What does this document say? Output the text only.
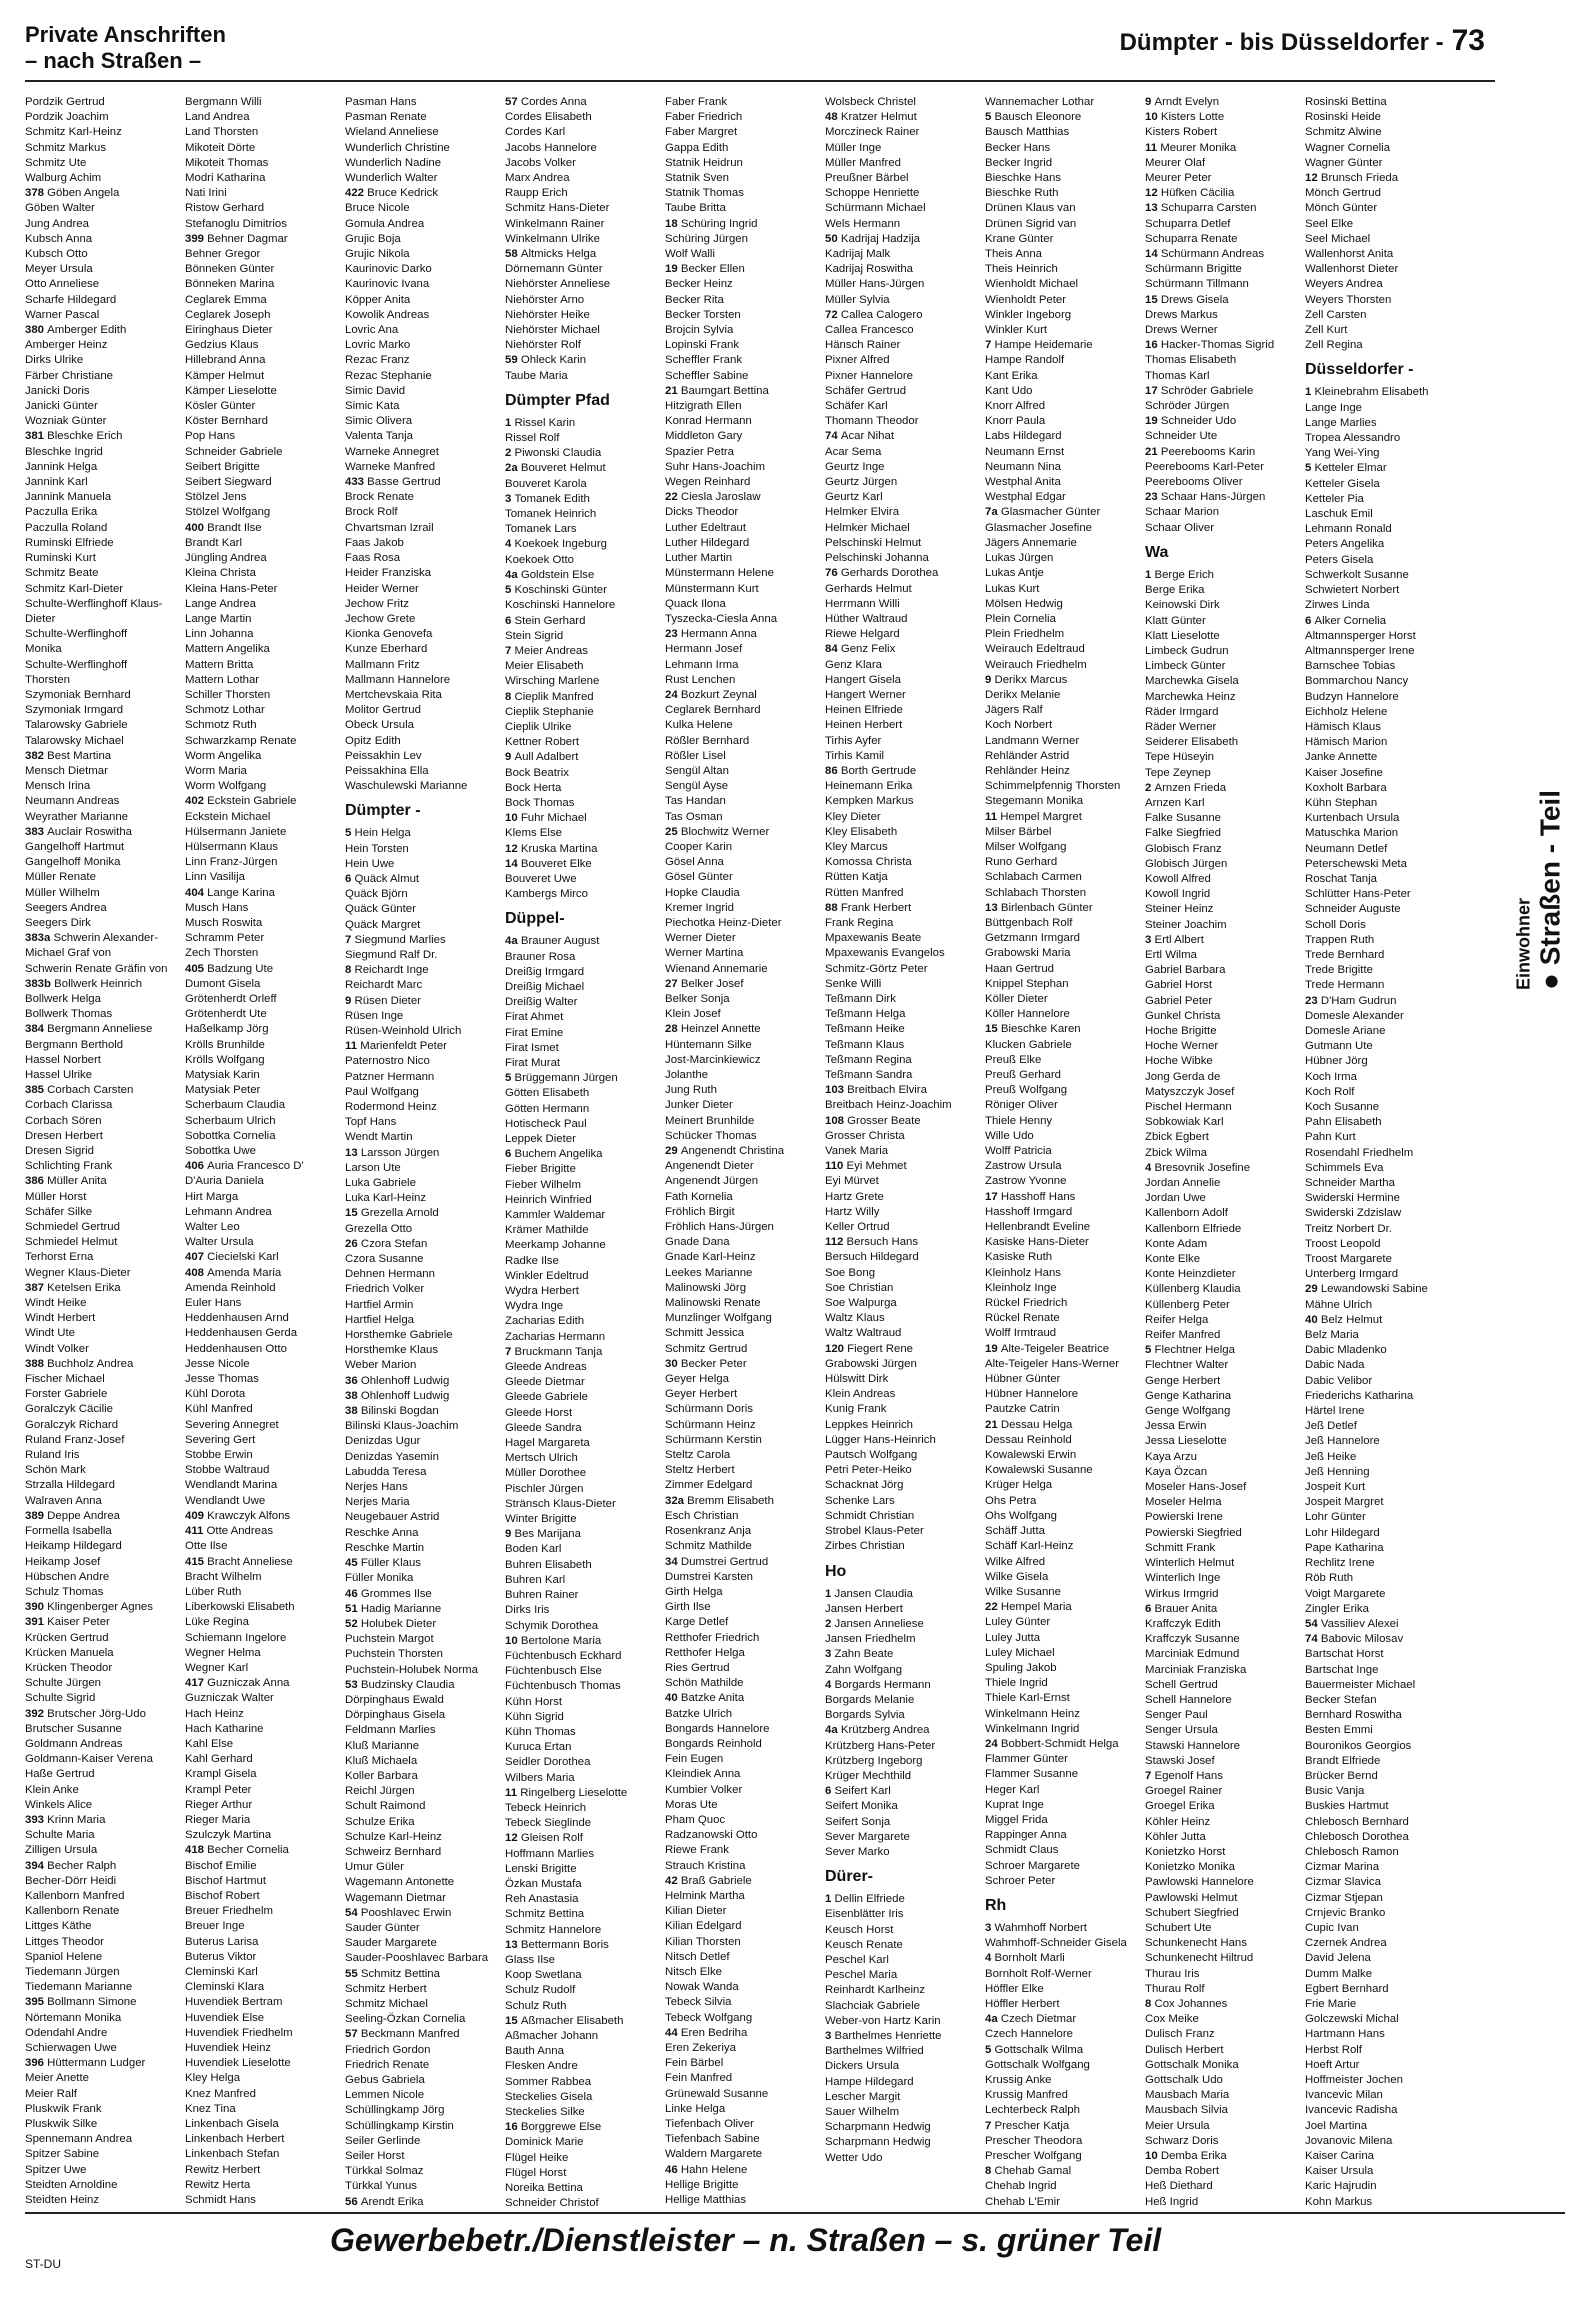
Private Anschriften
– nach Straßen –
Dümpter - bis Düsseldorfer - 73
Pordzik Gertrud
Pordzik Joachim
Schmitz Karl-Heinz
Schmitz Markus
Schmitz Ute
Walburg Achim
378 Göben Angela
Göben Walter
Jung Andrea
Kubsch Anna
Kubsch Otto
Meyer Ursula
Otto Anneliese
Scharfe Hildegard
Warner Pascal
380 Amberger Edith
Amberger Heinz
Dirks Ulrike
Färber Christiane
Janicki Doris
Janicki Günter
Wozniak Günter
381 Bleschke Erich
Bleschke Ingrid
Jannink Helga
Jannink Karl
Jannink Manuela
Paczulla Erika
Paczulla Roland
Ruminski Elfriede
Ruminski Kurt
Schmitz Beate
Schmitz Karl-Dieter
Schulte-Werflinghoff Klaus-
Dieter
Schulte-Werflinghoff
Monika
Schulte-Werflinghoff
Thorsten
Szymoniak Bernhard
Szymoniak Irmgard
Talarowsky Gabriele
Talarowsky Michael
382 Best Martina
Mensch Dietmar
Mensch Irina
Neumann Andreas
Weyrather Marianne
383 Auclair Roswitha
Gangelhoff Hartmut
Gangelhoff Monika
Müller Renate
Müller Wilhelm
Seegers Andrea
Seegers Dirk
383a Schwerin Alexander-
Michael Graf von
Schwerin Renate Gräfin von
383b Bollwerk Heinrich
Bollwerk Helga
Bollwerk Thomas
384 Bergmann Anneliese
Bergmann Berthold
Hassel Norbert
Hassel Ulrike
385 Corbach Carsten
Corbach Clarissa
Corbach Sören
Dresen Herbert
Dresen Sigrid
Schlichting Frank
386 Müller Anita
Müller Horst
Schäfer Silke
Schmiedel Gertrud
Schmiedel Helmut
Terhorst Erna
Wegner Klaus-Dieter
387 Ketelsen Erika
Windt Heike
Windt Herbert
Windt Ute
Windt Volker
388 Buchholz Andrea
Fischer Michael
Forster Gabriele
Goralczyk Cäcilie
Goralczyk Richard
Ruland Franz-Josef
Ruland Iris
Schön Mark
Strzalla Hildegard
Walraven Anna
389 Deppe Andrea
Formella Isabella
Heikamp Hildegard
Heikamp Josef
Hübschen Andre
Schulz Thomas
390 Klingenberger Agnes
391 Kaiser Peter
Krücken Gertrud
Krücken Manuela
Krücken Theodor
Schulte Jürgen
Schulte Sigrid
392 Brutscher Jörg-Udo
Brutscher Susanne
Goldmann Andreas
Goldmann-Kaiser Verena
Haße Gertrud
Klein Anke
Winkels Alice
393 Krinn Maria
Schulte Maria
Zilligen Ursula
394 Becher Ralph
Becher-Dörr Heidi
Kallenborn Manfred
Kallenborn Renate
Littges Käthe
Littges Theodor
Spaniol Helene
Tiedemann Jürgen
Tiedemann Marianne
395 Bollmann Simone
Nörtemann Monika
Odendahl Andre
Schierwagen Uwe
396 Hüttermann Ludger
Meier Anette
Meier Ralf
Pluskwik Frank
Pluskwik Silke
Spennemann Andrea
Spitzer Sabine
Spitzer Uwe
Steidten Arnoldine
Steidten Heinz
Bergmann Willi
Land Andrea
Land Thorsten
Mikoteit Dörte
Mikoteit Thomas
Modri Katharina
Nati Irini
Ristow Gerhard
Stefanoglu Dimitrios
399 Behner Dagmar
Behner Gregor
Bönneken Günter
Bönneken Marina
Ceglarek Emma
Ceglarek Joseph
Eiringhaus Dieter
Gedzius Klaus
Hillebrand Anna
Kämper Helmut
Kämper Lieselotte
Kösler Günter
Köster Bernhard
Pop Hans
Schneider Gabriele
Seibert Brigitte
Seibert Siegward
Stölzel Jens
Stölzel Wolfgang
400 Brandt Ilse
Brandt Karl
Jüngling Andrea
Kleina Christa
Kleina Hans-Peter
Lange Andrea
Lange Martin
Linn Johanna
Mattern Angelika
Mattern Britta
Mattern Lothar
Schiller Thorsten
Schmotz Lothar
Schmotz Ruth
Schwarzkamp Renate
Worm Angelika
Worm Maria
Worm Wolfgang
402 Eckstein Gabriele
Eckstein Michael
Hülsermann Janiete
Hülsermann Klaus
Linn Franz-Jürgen
Linn Vasilija
404 Lange Karina
Musch Hans
Musch Roswita
Schramm Peter
Zech Thorsten
405 Badzung Ute
Dumont Gisela
Grötenherdt Orleff
Grötenherdt Ute
Haßelkamp Jörg
Krölls Brunhilde
Krölls Wolfgang
Matysiak Karin
Matysiak Peter
Scherbaum Claudia
Scherbaum Ulrich
Sobottka Cornelia
Sobottka Uwe
406 Auria Francesco D'
D'Auria Daniela
Hirt Marga
Lehmann Andrea
Walter Leo
Walter Ursula
407 Ciecielski Karl
408 Amenda Maria
Amenda Reinhold
Euler Hans
Heddenhausen Arnd
Heddenhausen Gerda
Heddenhausen Otto
Jesse Nicole
Jesse Thomas
Kühl Dorota
Kühl Manfred
Severing Annegret
Severing Gert
Stobbe Erwin
Stobbe Waltraud
Wendlandt Marina
Wendlandt Uwe
409 Krawczyk Alfons
411 Otte Andreas
Otte Ilse
415 Bracht Anneliese
Bracht Wilhelm
Lüber Ruth
Liberkowski Elisabeth
Lüke Regina
Schiemann Ingelore
Wegner Helma
Wegner Karl
417 Guzniczak Anna
Guzniczak Walter
Hach Heinz
Hach Katharine
Kahl Else
Kahl Gerhard
Krampl Gisela
Krampl Peter
Rieger Arthur
Rieger Maria
Szulczyk Martina
418 Becher Cornelia
Bischof Emilie
Bischof Hartmut
Bischof Robert
Breuer Friedhelm
Breuer Inge
Buterus Larisa
Buterus Viktor
Cleminski Karl
Cleminski Klara
Huvendiek Bertram
Huvendiek Else
Huvendiek Friedhelm
Huvendiek Heinz
Huvendiek Lieselotte
Kley Helga
Knez Manfred
Knez Tina
Linkenbach Gisela
Linkenbach Herbert
Linkenbach Stefan
Rewitz Herbert
Rewitz Herta
Schmidt Hans
Pasman Hans
Pasman Renate
Wieland Anneliese
Wunderlich Christine
Wunderlich Nadine
Wunderlich Walter
422 Bruce Kedrick
Bruce Nicole
Gomula Andrea
Grujic Boja
Grujic Nikola
Kaurinovic Darko
Kaurinovic Ivana
Köpper Anita
Kowolik Andreas
Lovric Ana
Lovric Marko
Rezac Franz
Rezac Stephanie
Simic David
Simic Kata
Simic Olivera
Valenta Tanja
Warneke Annegret
Warneke Manfred
433 Basse Gertrud
Brock Renate
Brock Rolf
Chvartsman Izrail
Faas Jakob
Faas Rosa
Heider Franziska
Heider Werner
Jechow Fritz
Jechow Grete
Kionka Genovefa
Kunze Eberhard
Mallmann Fritz
Mallmann Hannelore
Mertchevskaia Rita
Molitor Gertrud
Obeck Ursula
Opitz Edith
Peissakhin Lev
Peissakhina Ella
Waschulewski Marianne
Dümpter -
5 Hein Helga
Hein Torsten
Hein Uwe
6 Quäck Almut
Quäck Björn
Quäck Günter
Quäck Margret
7 Siegmund Marlies
Siegmund Ralf Dr.
8 Reichardt Inge
Reichardt Marc
9 Rüsen Dieter
Rüsen Inge
Rüsen-Weinhold Ulrich
11 Marienfeldt Peter
Paternostro Nico
Patzner Hermann
Paul Wolfgang
Rodermond Heinz
Topf Hans
Wendt Martin
13 Larsson Jürgen
Larson Ute
Luka Gabriele
Luka Karl-Heinz
15 Grezella Arnold
Grezella Otto
26 Czora Stefan
Czora Susanne
Dehnen Hermann
Friedrich Volker
Hartfiel Armin
Hartfiel Helga
Horsthemke Gabriele
Horsthemke Klaus
Weber Marion
36 Ohlenhoff Ludwig
38 Ohlenhoff Ludwig
38 Bilinski Bogdan
Bilinski Klaus-Joachim
Denizdas Ugur
Denizdas Yasemin
Labudda Teresa
Nerjes Hans
Nerjes Maria
Neugebauer Astrid
Reschke Anna
Reschke Martin
45 Füller Klaus
Füller Monika
46 Grommes Ilse
51 Hadig Marianne
52 Holubek Dieter
Puchstein Margot
Puchstein Thorsten
Puchstein-Holubek Norma
53 Budzinsky Claudia
Dörpinghaus Ewald
Dörpinghaus Gisela
Feldmann Marlies
Kluß Marianne
Kluß Michaela
Koller Barbara
Reichl Jürgen
Schult Raimond
Schulze Erika
Schulze Karl-Heinz
Schweirz Bernhard
Umur Güler
Wagemann Antonette
Wagemann Dietmar
54 Pooshlavec Erwin
Sauder Günter
Sauder Margarete
Sauder-Pooshlavec Barbara
55 Schmitz Bettina
Schmitz Herbert
Schmitz Michael
Seeling-Özkan Cornelia
57 Beckmann Manfred
Friedrich Gordon
Friedrich Renate
Gebus Gabriela
Lemmen Nicole
Schüllingkamp Jörg
Schüllingkamp Kirstin
Seiler Gerlinde
Seiler Horst
Türkkal Solmaz
Türkkal Yunus
56 Arendt Erika
57 Cordes Anna
Cordes Elisabeth
Cordes Karl
Jacobs Hannelore
Jacobs Volker
Marx Andrea
Raupp Erich
Schmitz Hans-Dieter
Winkelmann Rainer
Winkelmann Ulrike
58 Altmicks Helga
Dörnemann Günter
Niehörster Anneliese
Niehörster Arno
Niehörster Heike
Niehörster Michael
Niehörster Rolf
59 Ohleck Karin
Taube Maria
Dümpter Pfad
1 Rissel Karin
Rissel Rolf
2 Piwonski Claudia
2a Bouveret Helmut
Bouveret Karola
3 Tomanek Edith
Tomanek Heinrich
Tomanek Lars
4 Koekoek Ingeburg
Koekoek Otto
4a Goldstein Else
5 Koschinski Günter
Koschinski Hannelore
6 Stein Gerhard
Stein Sigrid
7 Meier Andreas
Meier Elisabeth
Wirsching Marlene
8 Cieplik Manfred
Cieplik Stephanie
Cieplik Ulrike
Kettner Robert
9 Aull Adalbert
Bock Beatrix
Bock Herta
Bock Thomas
10 Fuhr Michael
Klems Else
12 Kruska Martina
14 Bouveret Elke
Bouveret Uwe
Kambergs Mirco
Düppel-
4a Brauner August
Brauner Rosa
Dreißig Irmgard
Dreißig Michael
Dreißig Walter
Firat Ahmet
Firat Emine
Firat Ismet
Firat Murat
5 Brüggemann Jürgen
Götten Elisabeth
Götten Hermann
Hotischeck Paul
Leppek Dieter
6 Buchem Angelika
Fieber Brigitte
Fieber Wilhelm
Heinrich Winfried
Kammler Waldemar
Krämer Mathilde
Meerkamp Johanne
Radke Ilse
Winkler Edeltrud
Wydra Herbert
Wydra Inge
Zacharias Edith
Zacharias Hermann
7 Bruckmann Tanja
Gleede Andreas
Gleede Dietmar
Gleede Gabriele
Gleede Horst
Gleede Sandra
Hagel Margareta
Mertsch Ulrich
Müller Dorothee
Pischler Jürgen
Stränsch Klaus-Dieter
Winter Brigitte
9 Bes Marijana
Boden Karl
Buhren Elisabeth
Buhren Karl
Buhren Rainer
Dirks Iris
Schymik Dorothea
10 Bertolone Maria
Füchtenbusch Eckhard
Füchtenbusch Else
Füchtenbusch Thomas
Kühn Horst
Kühn Sigrid
Kühn Thomas
Kuruca Ertan
Seidler Dorothea
Wilbers Maria
11 Ringelberg Lieselotte
Tebeck Heinrich
Tebeck Sieglinde
12 Gleisen Rolf
Hoffmann Marlies
Lenski Brigitte
Özkan Mustafa
Reh Anastasia
Schmitz Bettina
Schmitz Hannelore
13 Bettermann Boris
Glass Ilse
Koop Swetlana
Schulz Rudolf
Schulz Ruth
15 Aßmacher Elisabeth
Aßmacher Johann
Bauth Anna
Flesken Andre
Sommer Rabbea
Steckelies Gisela
Steckelies Silke
16 Borggrewe Else
Dominick Marie
Flügel Heike
Flügel Horst
Noreika Bettina
Schneider Christof
Faber Frank
Faber Friedrich
Faber Margret
Gappa Edith
Statnik Heidrun
Statnik Sven
Statnik Thomas
Taube Britta
18 Schüring Ingrid
Schüring Jürgen
Wolf Walli
19 Becker Ellen
Becker Heinz
Becker Rita
Becker Torsten
Brojcin Sylvia
Lopinski Frank
Scheffler Frank
Scheffler Sabine
21 Baumgart Bettina
Hitzigrath Ellen
Konrad Hermann
Middleton Gary
Spazier Petra
Suhr Hans-Joachim
Wegen Reinhard
22 Ciesla Jaroslaw
Dicks Theodor
Luther Edeltraut
Luther Hildegard
Luther Martin
Münstermann Helene
Münstermann Kurt
Quack Ilona
Tyszecka-Ciesla Anna
23 Hermann Anna
Hermann Josef
Lehmann Irma
Rust Lenchen
24 Bozkurt Zeynal
Ceglarek Bernhard
Kulka Helene
Rößler Bernhard
Rößler Lisel
Sengül Altan
Sengül Ayse
Tas Handan
Tas Osman
25 Blochwitz Werner
Cooper Karin
Gösel Anna
Gösel Günter
Hopke Claudia
Kremer Ingrid
Piechotka Heinz-Dieter
Werner Dieter
Werner Martina
Wienand Annemarie
27 Belker Josef
Belker Sonja
Klein Josef
28 Heinzel Annette
Hüntemann Silke
Jost-Marcinkiewicz
Jolanthe
Jung Ruth
Junker Dieter
Meinert Brunhilde
Schücker Thomas
29 Angenendt Christina
Angenendt Dieter
Angenendt Jürgen
Fath Kornelia
Fröhlich Birgit
Fröhlich Hans-Jürgen
Gnade Dana
Gnade Karl-Heinz
Leekes Marianne
Malinowski Jörg
Malinowski Renate
Munzlinger Wolfgang
Schmitt Jessica
Schmitz Gertrud
30 Becker Peter
Geyer Helga
Geyer Herbert
Schürmann Doris
Schürmann Heinz
Schürmann Kerstin
Steltz Carola
Steltz Herbert
Zimmer Edelgard
32a Bremm Elisabeth
Esch Christian
Rosenkranz Anja
Schmitz Mathilde
34 Dumstrei Gertrud
Dumstrei Karsten
Girth Helga
Girth Ilse
Karge Detlef
Retthofer Friedrich
Retthofer Helga
Ries Gertrud
Schön Mathilde
40 Batzke Anita
Batzke Ulrich
Bongards Hannelore
Bongards Reinhold
Fein Eugen
Kleindiek Anna
Kumbier Volker
Moras Ute
Pham Quoc
Radzanowski Otto
Riewe Frank
Strauch Kristina
42 Braß Gabriele
Helmink Martha
Kilian Dieter
Kilian Edelgard
Kilian Thorsten
Nitsch Detlef
Nitsch Elke
Nowak Wanda
Tebeck Silvia
Tebeck Wolfgang
44 Eren Bedriha
Eren Zekeriya
Fein Bärbel
Fein Manfred
Grünewald Susanne
Linke Helga
Tiefenbach Oliver
Tiefenbach Sabine
Waldern Margarete
46 Hahn Helene
Hellige Brigitte
Hellige Matthias
Wolsbeck Christel
48 Kratzer Helmut
Morczineck Rainer
Müller Inge
Müller Manfred
Preußner Bärbel
Schoppe Henriette
Schürmann Michael
Wels Hermann
50 Kadrijaj Hadzija
Kadrijaj Malk
Kadrijaj Roswitha
Müller Hans-Jürgen
Müller Sylvia
72 Callea Calogero
Callea Francesco
Hänsch Rainer
Pixner Alfred
Pixner Hannelore
Schäfer Gertrud
Schäfer Karl
Thomann Theodor
74 Acar Nihat
Acar Sema
Geurtz Inge
Geurtz Jürgen
Geurtz Karl
Helmker Elvira
Helmker Michael
Pelschinski Helmut
Pelschinski Johanna
76 Gerhards Dorothea
Gerhards Helmut
Herrmann Willi
Hüther Waltraud
Riewe Helgard
84 Genz Felix
Genz Klara
Hangert Gisela
Hangert Werner
Heinen Elfriede
Heinen Herbert
Tirhis Ayfer
Tirhis Kamil
86 Borth Gertrude
Heinemann Erika
Kempken Markus
Kley Dieter
Kley Elisabeth
Kley Marcus
Komossa Christa
Rütten Katja
Rütten Manfred
88 Frank Herbert
Frank Regina
Mpaxewanis Beate
Mpaxewanis Evangelos
Schmitz-Görtz Peter
Senke Willi
Teßmann Dirk
Teßmann Helga
Teßmann Heike
Teßmann Klaus
Teßmann Regina
Teßmann Sandra
103 Breitbach Elvira
Breitbach Heinz-Joachim
108 Grosser Beate
Grosser Christa
Vanek Maria
110 Eyi Mehmet
Eyi Mürvet
Hartz Grete
Hartz Willy
Keller Ortrud
112 Bersuch Hans
Bersuch Hildegard
Soe Bong
Soe Christian
Soe Walpurga
Waltz Klaus
Waltz Waltraud
120 Fiegert Rene
Grabowski Jürgen
Hülswitt Dirk
Klein Andreas
Kunig Frank
Leppkes Heinrich
Lügger Hans-Heinrich
Pautsch Wolfgang
Petri Peter-Heiko
Schacknat Jörg
Schenke Lars
Schmidt Christian
Strobel Klaus-Peter
Zirbes Christian
Ho
1 Jansen Claudia
Jansen Herbert
2 Jansen Anneliese
Jansen Friedhelm
3 Zahn Beate
Zahn Wolfgang
4 Borgards Hermann
Borgards Melanie
Borgards Sylvia
4a Krützberg Andrea
Krützberg Hans-Peter
Krützberg Ingeborg
Krüger Mechthild
6 Seifert Karl
Seifert Monika
Seifert Sonja
Sever Margarete
Sever Marko
Dürer-
1 Dellin Elfriede
Eisenblätter Iris
Keusch Horst
Keusch Renate
Peschel Karl
Peschel Maria
Reinhardt Karlheinz
Slachciak Gabriele
Weber-von Hartz Karin
3 Barthelmes Henriette
Barthelmes Wilfried
Dickers Ursula
Hampe Hildegard
Lescher Margit
Sauer Wilhelm
Scharpmann Hedwig
Scharpmann Hedwig
Wetter Udo
Wannemacher Lothar
5 Bausch Eleonore
Bausch Matthias
Becker Hans
Becker Ingrid
Bieschke Hans
Bieschke Ruth
Drünen Klaus van
Drünen Sigrid van
Krane Günter
Theis Anna
Theis Heinrich
Wienholdt Michael
Wienholdt Peter
Winkler Ingeborg
Winkler Kurt
7 Hampe Heidemarie
Hampe Randolf
Kant Erika
Kant Udo
Knorr Alfred
Knorr Paula
Labs Hildegard
Neumann Ernst
Neumann Nina
Westphal Anita
Westphal Edgar
7a Glasmacher Günter
Glasmacher Josefine
Jägers Annemarie
Lukas Jürgen
Lukas Antje
Lukas Kurt
Mölsen Hedwig
Plein Cornelia
Plein Friedhelm
Weirauch Edeltraud
Weirauch Friedhelm
9 Derikx Marcus
Derikx Melanie
Jägers Ralf
Koch Norbert
Landmann Werner
Rehländer Astrid
Rehländer Heinz
Schimmelpfennig Thorsten
Stegemann Monika
11 Hempel Margret
Milser Bärbel
Milser Wolfgang
Runo Gerhard
Schlabach Carmen
Schlabach Thorsten
13 Birlenbach Günter
Büttgenbach Rolf
Getzmann Irmgard
Grabowski Maria
Haan Gertrud
Knippel Stephan
Köller Dieter
Köller Hannelore
15 Bieschke Karen
Klucken Gabriele
Preuß Elke
Preuß Gerhard
Preuß Wolfgang
Röniger Oliver
Thiele Henny
Wille Udo
Wolff Patricia
Zastrow Ursula
Zastrow Yvonne
17 Hasshoff Hans
Hasshoff Irmgard
Hellenbrandt Eveline
Kasiske Hans-Dieter
Kasiske Ruth
Kleinholz Hans
Kleinholz Inge
Rückel Friedrich
Rückel Renate
Wolff Irmtraud
19 Alte-Teigeler Beatrice
Alte-Teigeler Hans-Werner
Hübner Günter
Hübner Hannelore
Pautzke Catrin
21 Dessau Helga
Dessau Reinhold
Kowalewski Erwin
Kowalewski Susanne
Krüger Helga
Ohs Petra
Ohs Wolfgang
Schäff Jutta
Schäff Karl-Heinz
Wilke Alfred
Wilke Gisela
Wilke Susanne
22 Hempel Maria
Luley Günter
Luley Jutta
Luley Michael
Spuling Jakob
Thiele Ingrid
Thiele Karl-Ernst
Winkelmann Heinz
Winkelmann Ingrid
24 Bobbert-Schmidt Helga
Flammer Günter
Flammer Susanne
Heger Karl
Kuprat Inge
Miggel Frida
Rappinger Anna
Schmidt Claus
Schroer Margarete
Schroer Peter
Rh
3 Wahmhoff Norbert
Wahmhoff-Schneider Gisela
4 Bornholt Marli
Bornholt Rolf-Werner
Höffler Elke
Höffler Herbert
4a Czech Dietmar
Czech Hannelore
5 Gottschalk Wilma
Gottschalk Wolfgang
Krussig Anke
Krussig Manfred
Lechterbeck Ralph
7 Prescher Katja
Prescher Theodora
Prescher Wolfgang
8 Chehab Gamal
Chehab Ingrid
Chehab L'Emir
9 Arndt Evelyn
10 Kisters Lotte
Kisters Robert
11 Meurer Monika
Meurer Olaf
Meurer Peter
12 Hüfken Cäcilia
13 Schuparra Carsten
Schuparra Detlef
Schuparra Renate
14 Schürmann Andreas
Schürmann Brigitte
Schürmann Tillmann
15 Drews Gisela
Drews Markus
Drews Werner
16 Hacker-Thomas Sigrid
Thomas Elisabeth
Thomas Karl
17 Schröder Gabriele
Schröder Jürgen
19 Schneider Udo
Schneider Ute
21 Peerebooms Karin
Peerebooms Karl-Peter
Peerebooms Oliver
23 Schaar Hans-Jürgen
Schaar Marion
Schaar Oliver
Wa
1 Berge Erich
Berge Erika
Keinowski Dirk
Klatt Günter
Klatt Lieselotte
Limbeck Gudrun
Limbeck Günter
Marchewka Gisela
Marchewka Heinz
Räder Irmgard
Räder Werner
Seiderer Elisabeth
Tepe Hüseyin
Tepe Zeynep
2 Arnzen Frieda
Arnzen Karl
Falke Susanne
Falke Siegfried
Globisch Franz
Globisch Jürgen
Kowoll Alfred
Kowoll Ingrid
Steiner Heinz
Steiner Joachim
3 Ertl Albert
Ertl Wilma
Gabriel Barbara
Gabriel Horst
Gabriel Peter
Gunkel Christa
Hoche Brigitte
Hoche Werner
Hoche Wibke
Jong Gerda de
Matyszczyk Josef
Pischel Hermann
Sobkowiak Karl
Zbick Egbert
Zbick Wilma
4 Bresovnik Josefine
Jordan Annelie
Jordan Uwe
Kallenborn Adolf
Kallenborn Elfriede
Konte Adam
Konte Elke
Konte Heinzdieter
Küllenberg Klaudia
Küllenberg Peter
Reifer Helga
Reifer Manfred
5 Flechtner Helga
Flechtner Walter
Genge Herbert
Genge Katharina
Genge Wolfgang
Jessa Erwin
Jessa Lieselotte
Kaya Arzu
Kaya Özcan
Moseler Hans-Josef
Moseler Helma
Powierski Irene
Powierski Siegfried
Schmitt Frank
Winterlich Helmut
Winterlich Inge
Wirkus Irmgrid
6 Brauer Anita
Kraffczyk Edith
Kraffczyk Susanne
Marciniak Edmund
Marciniak Franziska
Schell Gertrud
Schell Hannelore
Senger Paul
Senger Ursula
Stawski Hannelore
Stawski Josef
7 Egenolf Hans
Groegel Rainer
Groegel Erika
Köhler Heinz
Köhler Jutta
Konietzko Horst
Konietzko Monika
Pawlowski Hannelore
Pawlowski Helmut
Schubert Siegfried
Schubert Ute
Schunkenecht Hans
Schunkenecht Hiltrud
Thurau Iris
Thurau Rolf
8 Cox Johannes
Cox Meike
Dulisch Franz
Dulisch Herbert
Gottschalk Monika
Gottschalk Udo
Mausbach Maria
Mausbach Silvia
Meier Ursula
Schwarz Doris
10 Demba Erika
Demba Robert
Heß Diethard
Heß Ingrid
Rosinski Bettina
Rosinski Heide
Schmitz Alwine
Wagner Cornelia
Wagner Günter
12 Brunsch Frieda
Mönch Gertrud
Mönch Günter
Seel Elke
Seel Michael
Wallenhorst Anita
Wallenhorst Dieter
Weyers Andrea
Weyers Thorsten
Zell Carsten
Zell Kurt
Zell Regina
Düsseldorfer -
1 Kleinebrahm Elisabeth
Lange Inge
Lange Marlies
Tropea Alessandro
Yang Wei-Ying
5 Ketteler Elmar
Ketteler Gisela
Ketteler Pia
Laschuk Emil
Lehmann Ronald
Peters Angelika
Peters Gisela
Schwerkolt Susanne
Schwietert Norbert
Zirwes Linda
6 Alker Cornelia
Altmannsperger Horst
Altmannsperger Irene
Barnschee Tobias
Bommarchou Nancy
Budzyn Hannelore
Eichholz Helene
Hämisch Klaus
Hämisch Marion
Janke Annette
Kaiser Josefine
Koxholt Barbara
Kühn Stephan
Kurtenbach Ursula
Matuschka Marion
Neumann Detlef
Peterschewski Meta
Roschat Tanja
Schlütter Hans-Peter
Schneider Auguste
Scholl Doris
Trappen Ruth
Trede Bernhard
Trede Brigitte
Trede Hermann
23 D'Ham Gudrun
Domesle Alexander
Domesle Ariane
Gutmann Ute
Hübner Jörg
Koch Irma
Koch Rolf
Koch Susanne
Pahn Elisabeth
Pahn Kurt
Rosendahl Friedhelm
Schimmels Eva
Schneider Martha
Swiderski Hermine
Swiderski Zdzislaw
Treitz Norbert Dr.
Troost Leopold
Troost Margarete
Unterberg Irmgard
29 Lewandowski Sabine
Mähne Ulrich
40 Belz Helmut
Belz Maria
Dabic Mladenko
Dabic Nada
Dabic Velibor
Friederichs Katharina
Härtel Irene
Jeß Detlef
Jeß Hannelore
Jeß Heike
Jeß Henning
Jospeit Kurt
Jospeit Margret
Lohr Günter
Lohr Hildegard
Pape Katharina
Rechlitz Irene
Röb Ruth
Voigt Margarete
Zingler Erika
54 Vassiliev Alexei
74 Babovic Milosav
Bartschat Horst
Bartschat Inge
Bauermeister Michael
Becker Stefan
Bernhard Roswitha
Besten Emmi
Bouronikos Georgios
Brandt Elfriede
Brücker Bernd
Busic Vanja
Buskies Hartmut
Chlebosch Bernhard
Chlebosch Dorothea
Chlebosch Ramon
Cizmar Marina
Cizmar Slavica
Cizmar Stjepan
Crnjevic Branko
Cupic Ivan
Czernek Andrea
David Jelena
Dumm Malke
Egbert Bernhard
Frie Marie
Golczewski Michal
Hartmann Hans
Herbst Rolf
Hoeft Artur
Hoffmeister Jochen
Ivancevic Milan
Ivancevic Radisha
Joel Martina
Jovanovic Milena
Kaiser Carina
Kaiser Ursula
Karic Hajrudin
Kohn Markus
Einwohner ● Straßen - Teil
Gewerbebetr./Dienstleister – n. Straßen – s. grüner Teil
ST-DU
